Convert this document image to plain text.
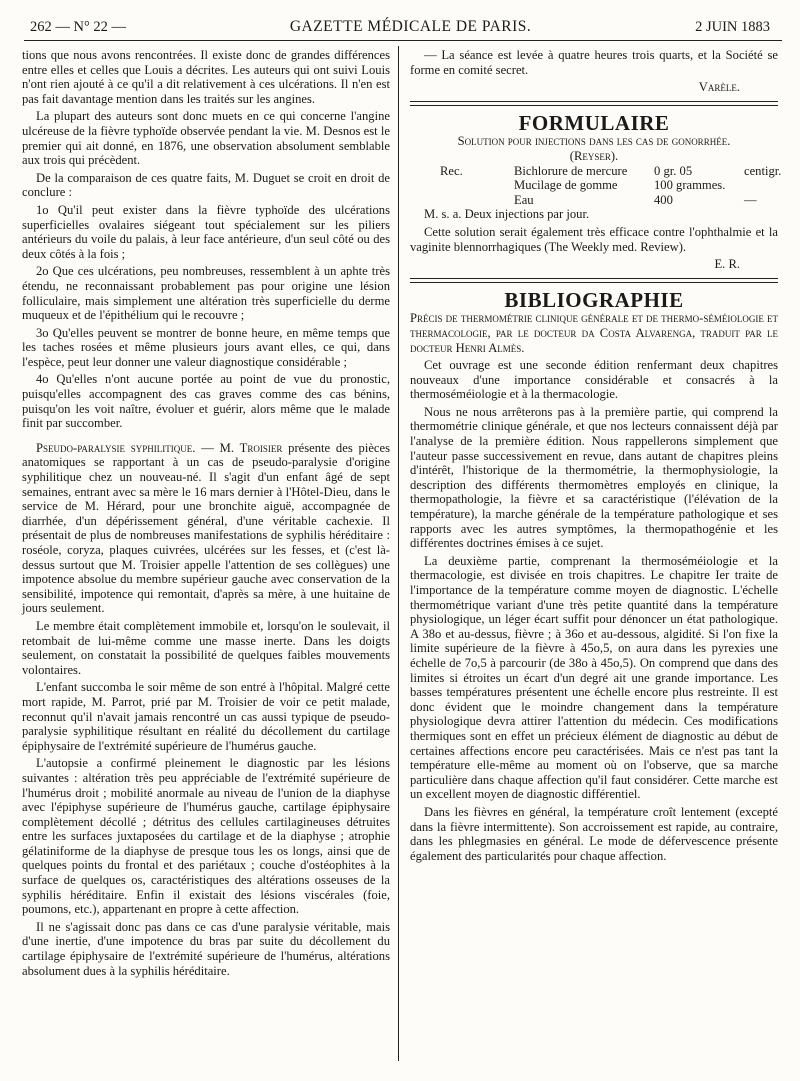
262 — N° 22 —	GAZETTE MÉDICALE DE PARIS.	2 JUIN 1883

tions que nous avons rencontrées. Il existe donc de grandes différences entre elles et celles que Louis a décrites. Les auteurs qui ont suivi Louis n'ont rien ajouté à ce qu'il a dit relativement à ces ulcérations. Il n'en est pas fait davantage mention dans les traités sur les angines.

La plupart des auteurs sont donc muets en ce qui concerne l'angine ulcéreuse de la fièvre typhoïde observée pendant la vie. M. Desnos est le premier qui ait donné, en 1876, une observation absolument semblable aux trois qui précèdent.

De la comparaison de ces quatre faits, M. Duguet se croit en droit de conclure :

1o Qu'il peut exister dans la fièvre typhoïde des ulcérations superficielles ovalaires siégeant tout spécialement sur les piliers antérieurs du voile du palais, à leur face antérieure, d'un seul côté ou des deux côtés à la fois ;

2o Que ces ulcérations, peu nombreuses, ressemblent à un aphte très étendu, ne reconnaissant probablement pas pour origine une lésion folliculaire, mais simplement une altération très superficielle du derme muqueux et de l'épithélium qui le recouvre ;

3o Qu'elles peuvent se montrer de bonne heure, en même temps que les taches rosées et même plusieurs jours avant elles, ce qui, dans l'espèce, peut leur donner une valeur diagnostique considérable ;

4o Qu'elles n'ont aucune portée au point de vue du pronostic, puisqu'elles accompagnent des cas graves comme des cas bénins, puisqu'on les voit naître, évoluer et guérir, alors même que le malade finit par succomber.

Pseudo-paralysie syphilitique. — M. Troisier présente des pièces anatomiques se rapportant à un cas de pseudo-paralysie d'origine syphilitique chez un nouveau-né. Il s'agit d'un enfant âgé de sept semaines, entrant avec sa mère le 16 mars dernier à l'Hôtel-Dieu, dans le service de M. Hérard, pour une bronchite aiguë, accompagnée de diarrhée, d'un dépérissement général, d'une véritable cachexie. Il présentait de plus de nombreuses manifestations de syphilis héréditaire : roséole, coryza, plaques cuivrées, ulcérées sur les fesses, et (c'est là-dessus surtout que M. Troisier appelle l'attention de ses collègues) une impotence absolue du membre supérieur gauche avec conservation de la sensibilité, impotence qui remontait, d'après sa mère, à une huitaine de jours seulement.

Le membre était complètement immobile et, lorsqu'on le soulevait, il retombait de lui-même comme une masse inerte. Dans les doigts seulement, on constatait la possibilité de quelques faibles mouvements volontaires.

L'enfant succomba le soir même de son entré à l'hôpital. Malgré cette mort rapide, M. Parrot, prié par M. Troisier de voir ce petit malade, reconnut qu'il n'avait jamais rencontré un cas aussi typique de pseudo-paralysie syphilitique résultant en réalité du décollement du cartilage épiphysaire de l'extrémité supérieure de l'humérus gauche.

L'autopsie a confirmé pleinement le diagnostic par les lésions suivantes : altération très peu appréciable de l'extrémité supérieure de l'humérus droit ; mobilité anormale au niveau de l'union de la diaphyse avec l'épiphyse supérieure de l'humérus gauche, cartilage épiphysaire complètement décollé ; détritus des cellules cartilagineuses détruites entre les surfaces juxtaposées du cartilage et de la diaphyse ; atrophie gélatiniforme de la diaphyse de presque tous les os longs, ainsi que de quelques points du frontal et des pariétaux ; couche d'ostéophites à la surface de quelques os, caractéristiques des altérations osseuses de la syphilis héréditaire. Enfin il existait des lésions viscérales (foie, poumons, etc.), appartenant en propre à cette affection.

Il ne s'agissait donc pas dans ce cas d'une paralysie véritable, mais d'une inertie, d'une impotence du bras par suite du décollement du cartilage épiphysaire de l'extrémité supérieure de l'humérus, altérations absolument dues à la syphilis héréditaire.

— La séance est levée à quatre heures trois quarts, et la Société se forme en comité secret.

Varèle.
FORMULAIRE
Solution pour injections dans les cas de gonorrhée.
(Reyser).
Rec.	Bichlorure de mercure	0 gr. 05	centigr.
Mucilage de gomme	100 grammes.
Eau	400	—

M. s. a. Deux injections par jour.

Cette solution serait également très efficace contre l'ophthalmie et la vaginite blennorrhagiques (The Weekly med. Review).

E. R.
BIBLIOGRAPHIE

Précis de thermométrie clinique générale et de thermo-séméiologie et thermacologie, par le docteur da Costa Alvarenga, traduit par le docteur Henri Almès.

Cet ouvrage est une seconde édition renfermant deux chapitres nouveaux d'une importance considérable et consacrés à la thermoséméiologie et à la thermacologie.

Nous ne nous arrêterons pas à la première partie, qui comprend la thermométrie clinique générale, et que nos lecteurs connaissent déjà par l'analyse de la première édition. Nous rappellerons simplement que l'auteur passe successivement en revue, dans autant de chapitres pleins d'intérêt, l'historique de la thermométrie, la thermophysiologie, la description des différents thermomètres employés en clinique, la thermopathologie, la fièvre et sa caractéristique (l'élévation de la température), la marche générale de la température pathologique et ses rapports avec les autres symptômes, la thermopathogénie et les différentes doctrines émises à ce sujet.

La deuxième partie, comprenant la thermoséméiologie et la thermacologie, est divisée en trois chapitres. Le chapitre Ier traite de l'importance de la température comme moyen de diagnostic. L'échelle thermométrique variant d'une très petite quantité dans la température physiologique, un léger écart suffit pour dénoncer un état pathologique. A 38o et au-dessus, fièvre ; à 36o et au-dessous, algidité. Si l'on fixe la limite supérieure de la fièvre à 45o,5, on aura dans les pyrexies une échelle de 7o,5 à parcourir (de 38o à 45o,5). On comprend que dans des limites si étroites un écart d'un degré ait une grande importance. Les basses températures présentent une échelle encore plus restreinte. Il est donc évident que le moindre changement dans la température physiologique devra attirer l'attention du médecin. Ces modifications thermiques sont en effet un précieux élément de diagnostic au début de certaines affections encore peu caractérisées. Mais ce n'est pas tant la température elle-même au moment où on l'observe, que sa marche particulière dans chaque affection qu'il faut considérer. Cette marche est un excellent moyen de diagnostic différentiel.

Dans les fièvres en général, la température croît lentement (excepté dans la fièvre intermittente). Son accroissement est rapide, au contraire, dans les phlegmasies en général. Le mode de défervescence présente également des particularités pour chaque affection.
